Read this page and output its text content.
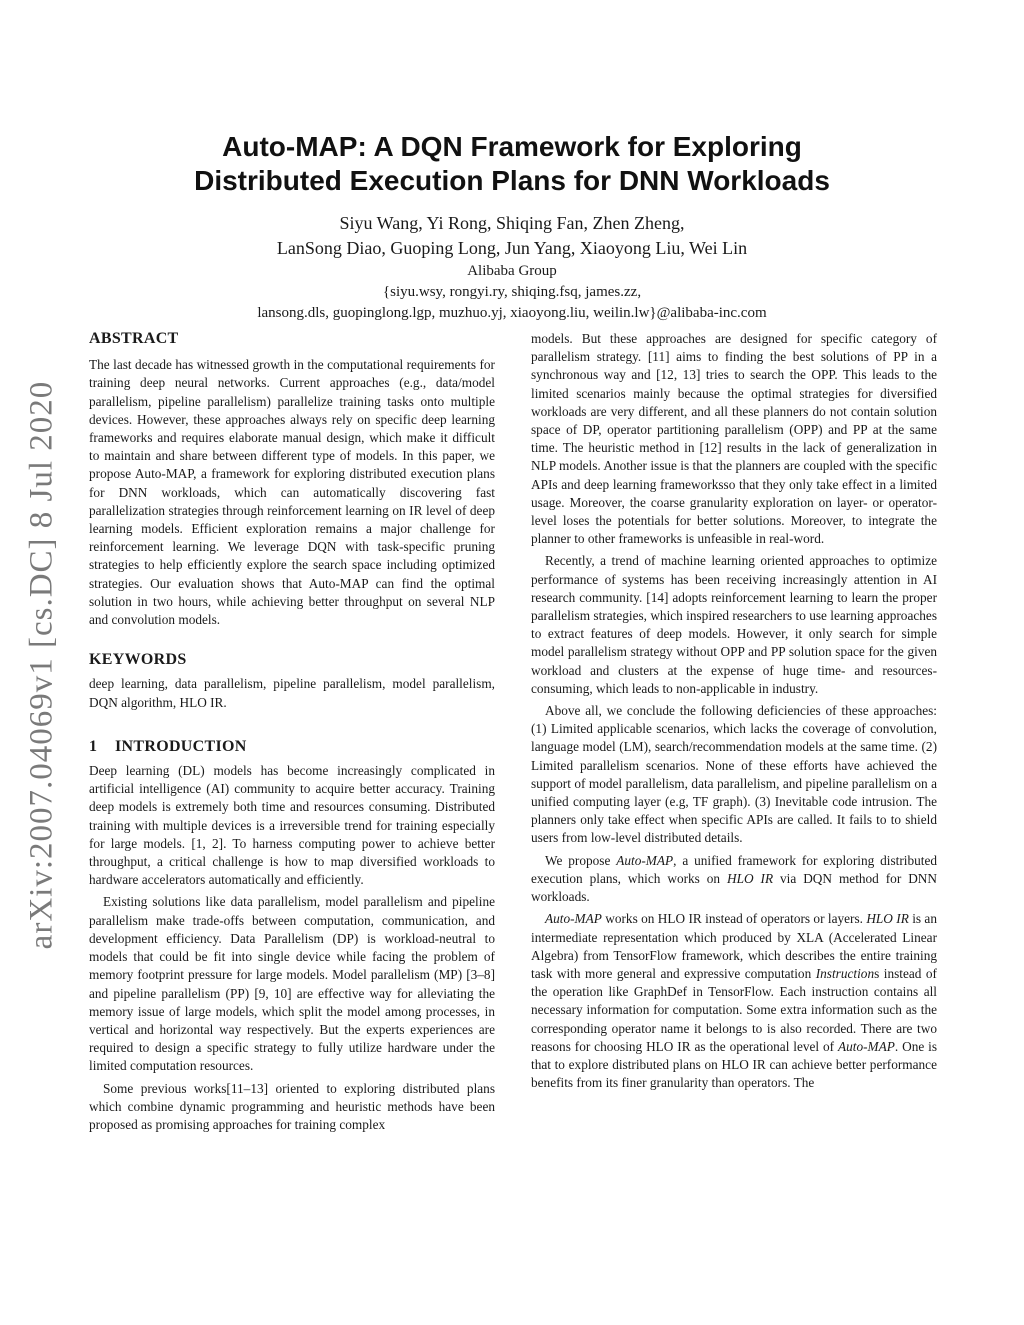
arXiv:2007.04069v1 [cs.DC] 8 Jul 2020
Auto-MAP: A DQN Framework for Exploring
Distributed Execution Plans for DNN Workloads
Siyu Wang, Yi Rong, Shiqing Fan, Zhen Zheng,
LanSong Diao, Guoping Long, Jun Yang, Xiaoyong Liu, Wei Lin
Alibaba Group
{siyu.wsy, rongyi.ry, shiqing.fsq, james.zz,
lansong.dls, guopinglong.lgp, muzhuo.yj, xiaoyong.liu, weilin.lw}@alibaba-inc.com
ABSTRACT

The last decade has witnessed growth in the computational requirements for training deep neural networks. Current approaches (e.g., data/model parallelism, pipeline parallelism) parallelize training tasks onto multiple devices. However, these approaches always rely on specific deep learning frameworks and requires elaborate manual design, which make it difficult to maintain and share between different type of models. In this paper, we propose Auto-MAP, a framework for exploring distributed execution plans for DNN workloads, which can automatically discovering fast parallelization strategies through reinforcement learning on IR level of deep learning models. Efficient exploration remains a major challenge for reinforcement learning. We leverage DQN with task-specific pruning strategies to help efficiently explore the search space including optimized strategies. Our evaluation shows that Auto-MAP can find the optimal solution in two hours, while achieving better throughput on several NLP and convolution models.

KEYWORDS

deep learning, data parallelism, pipeline parallelism, model parallelism, DQN algorithm, HLO IR.

1 INTRODUCTION

Deep learning (DL) models has become increasingly complicated in artificial intelligence (AI) community to acquire better accuracy. Training deep models is extremely both time and resources consuming. Distributed training with multiple devices is a irreversible trend for training especially for large models. [1, 2]. To harness computing power to achieve better throughput, a critical challenge is how to map diversified workloads to hardware accelerators automatically and efficiently.

Existing solutions like data parallelism, model parallelism and pipeline parallelism make trade-offs between computation, communication, and development efficiency. Data Parallelism (DP) is workload-neutral to models that could be fit into single device while facing the problem of memory footprint pressure for large models. Model parallelism (MP) [3–8] and pipeline parallelism (PP) [9, 10] are effective way for alleviating the memory issue of large models, which split the model among processes, in vertical and horizontal way respectively. But the experts experiences are required to design a specific strategy to fully utilize hardware under the limited computation resources.

Some previous works[11–13] oriented to exploring distributed plans which combine dynamic programming and heuristic methods have been proposed as promising approaches for training complex

models. But these approaches are designed for specific category of parallelism strategy. [11] aims to finding the best solutions of PP in a synchronous way and [12, 13] tries to search the OPP. This leads to the limited scenarios mainly because the optimal strategies for diversified workloads are very different, and all these planners do not contain solution space of DP, operator partitioning parallelism (OPP) and PP at the same time. The heuristic method in [12] results in the lack of generalization in NLP models. Another issue is that the planners are coupled with the specific APIs and deep learning frameworksso that they only take effect in a limited usage. Moreover, the coarse granularity exploration on layer- or operator-level loses the potentials for better solutions. Moreover, to integrate the planner to other frameworks is unfeasible in real-word.

Recently, a trend of machine learning oriented approaches to optimize performance of systems has been receiving increasingly attention in AI research community. [14] adopts reinforcement learning to learn the proper parallelism strategies, which inspired researchers to use learning approaches to extract features of deep models. However, it only search for simple model parallelism strategy without OPP and PP solution space for the given workload and clusters at the expense of huge time- and resources-consuming, which leads to non-applicable in industry.

Above all, we conclude the following deficiencies of these approaches: (1) Limited applicable scenarios, which lacks the coverage of convolution, language model (LM), search/recommendation models at the same time. (2) Limited parallelism scenarios. None of these efforts have achieved the support of model parallelism, data parallelism, and pipeline parallelism on a unified computing layer (e.g, TF graph). (3) Inevitable code intrusion. The planners only take effect when specific APIs are called. It fails to to shield users from low-level distributed details.

We propose Auto-MAP, a unified framework for exploring distributed execution plans, which works on HLO IR via DQN method for DNN workloads.

Auto-MAP works on HLO IR instead of operators or layers. HLO IR is an intermediate representation which produced by XLA (Accelerated Linear Algebra) from TensorFlow framework, which describes the entire training task with more general and expressive computation Instructions instead of the operation like GraphDef in TensorFlow. Each instruction contains all necessary information for computation. Some extra information such as the corresponding operator name it belongs to is also recorded. There are two reasons for choosing HLO IR as the operational level of Auto-MAP. One is that to explore distributed plans on HLO IR can achieve better performance benefits from its finer granularity than operators. The
